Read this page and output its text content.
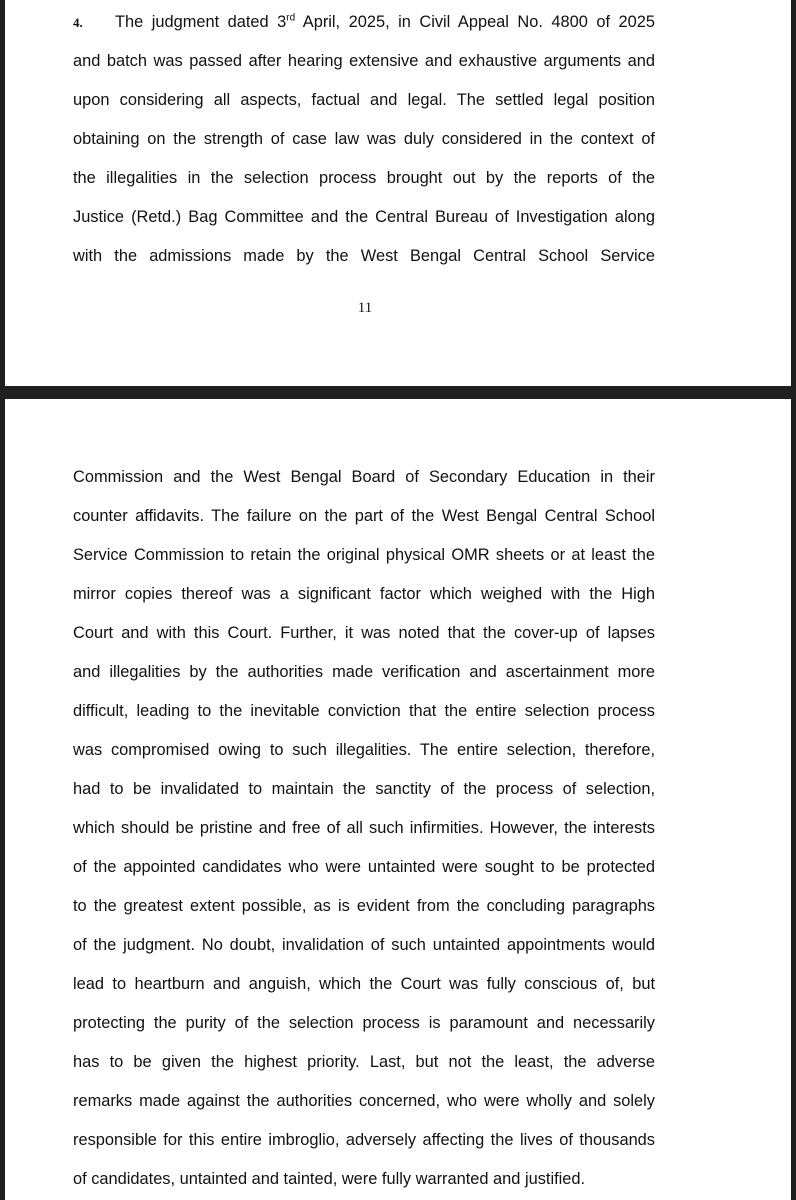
4. The judgment dated 3rd April, 2025, in Civil Appeal No. 4800 of 2025
and batch was passed after hearing extensive and exhaustive arguments and
upon considering all aspects, factual and legal. The settled legal position
obtaining on the strength of case law was duly considered in the context of
the illegalities in the selection process brought out by the reports of the
Justice (Retd.) Bag Committee and the Central Bureau of Investigation along
with the admissions made by the West Bengal Central School Service
11
Commission and the West Bengal Board of Secondary Education in their
counter affidavits. The failure on the part of the West Bengal Central School
Service Commission to retain the original physical OMR sheets or at least the
mirror copies thereof was a significant factor which weighed with the High
Court and with this Court. Further, it was noted that the cover-up of lapses
and illegalities by the authorities made verification and ascertainment more
difficult, leading to the inevitable conviction that the entire selection process
was compromised owing to such illegalities. The entire selection, therefore,
had to be invalidated to maintain the sanctity of the process of selection,
which should be pristine and free of all such infirmities. However, the interests
of the appointed candidates who were untainted were sought to be protected
to the greatest extent possible, as is evident from the concluding paragraphs
of the judgment. No doubt, invalidation of such untainted appointments would
lead to heartburn and anguish, which the Court was fully conscious of, but
protecting the purity of the selection process is paramount and necessarily
has to be given the highest priority. Last, but not the least, the adverse
remarks made against the authorities concerned, who were wholly and solely
responsible for this entire imbroglio, adversely affecting the lives of thousands
of candidates, untainted and tainted, were fully warranted and justified.
